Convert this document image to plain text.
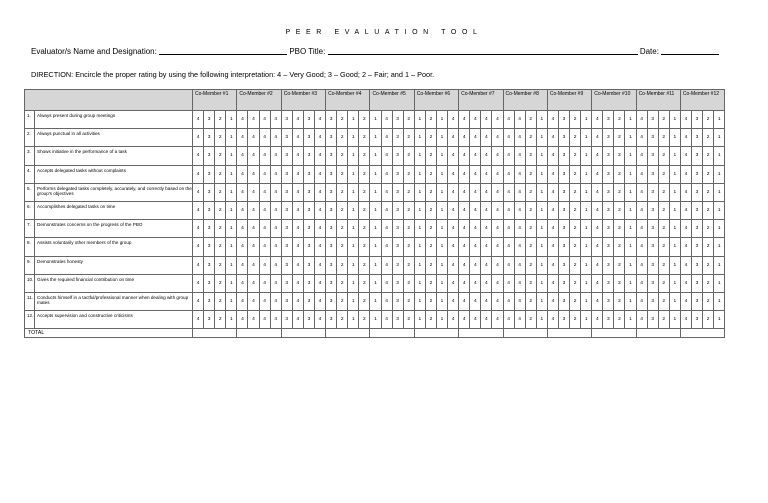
PEER EVALUATION TOOL
Evaluator/s Name and Designation:	PBO Title:	Date:
DIRECTION: Encircle the proper rating by using the following interpretation: 4 – Very Good; 3 – Good; 2 – Fair; and 1 – Poor.
		Co-Member #1				Co-Member #2				Co-Member #3				Co-Member #4				Co-Member #5				Co-Member #6				Co-Member #7				Co-Member #8				Co-Member #9				Co-Member #10				Co-Member #11				Co-Member #12			
1.	Always present during group meetings	4	3	2	1	4	4	4	4	3	4	3	4	3	2	1	2	1	4	3	2	1	2	1	4	4	4	4	4	4	4	2	1	4	3	2	1	4	3	2	1	4	3	2	1	4	3	2	1
2.	Always punctual in all activities	4	3	2	1	4	4	4	4	3	4	3	4	3	2	1	2	1	4	3	2	1	2	1	4	4	4	4	4	4	4	2	1	4	3	2	1	4	3	2	1	4	3	2	1	4	3	2	1
3.	Shows initiative in the performance of a task	4	3	2	1	4	4	4	4	3	4	3	4	3	2	1	2	1	4	3	2	1	2	1	4	4	4	4	4	4	4	2	1	4	3	2	1	4	3	2	1	4	3	2	1	4	3	2	1
4.	Accepts delegated tasks without complaints	4	3	2	1	4	4	4	4	3	4	3	4	3	2	1	2	1	4	3	2	1	2	1	4	4	4	4	4	4	4	2	1	4	3	2	1	4	3	2	1	4	3	2	1	4	3	2	1
5.	Performs delegated tasks completely, accurately, and correctly based on the group's objectives	4	3	2	1	4	4	4	4	3	4	3	4	3	2	1	2	1	4	3	2	1	2	1	4	4	4	4	4	4	4	2	1	4	3	2	1	4	3	2	1	4	3	2	1	4	3	2	1
6.	Accomplishes delegated tasks on time	4	3	2	1	4	4	4	4	3	4	3	4	3	2	1	2	1	4	3	2	1	2	1	4	4	4	4	4	4	4	2	1	4	3	2	1	4	3	2	1	4	3	2	1	4	3	2	1
7.	Demonstrates concerns on the progress of the PBO	4	3	2	1	4	4	4	4	3	4	3	4	3	2	1	2	1	4	3	2	1	2	1	4	4	4	4	4	4	4	2	1	4	3	2	1	4	3	2	1	4	3	2	1	4	3	2	1
8.	Assists voluntarily other members of the group	4	3	2	1	4	4	4	4	3	4	3	4	3	2	1	2	1	4	3	2	1	2	1	4	4	4	4	4	4	4	2	1	4	3	2	1	4	3	2	1	4	3	2	1	4	3	2	1
9.	Demonstrates honesty	4	3	2	1	4	4	4	4	3	4	3	4	3	2	1	2	1	4	3	2	1	2	1	4	4	4	4	4	4	4	2	1	4	3	2	1	4	3	2	1	4	3	2	1	4	3	2	1
10.	Gives the required financial contribution on time	4	3	2	1	4	4	4	4	3	4	3	4	3	2	1	2	1	4	3	2	1	2	1	4	4	4	4	4	4	4	2	1	4	3	2	1	4	3	2	1	4	3	2	1	4	3	2	1
11.	Conducts himself in a tactful/professional manner when dealing with group mates	4	3	2	1	4	4	4	4	3	4	3	4	3	2	1	2	1	4	3	2	1	2	1	4	4	4	4	4	4	4	2	1	4	3	2	1	4	3	2	1	4	3	2	1	4	3	2	1
12.	Accepts supervision and constructive criticisms	4	3	2	1	4	4	4	4	3	4	3	4	3	2	1	2	1	4	3	2	1	2	1	4	4	4	4	4	4	4	2	1	4	3	2	1	4	3	2	1	4	3	2	1	4	3	2	1
TOTAL																																																	
